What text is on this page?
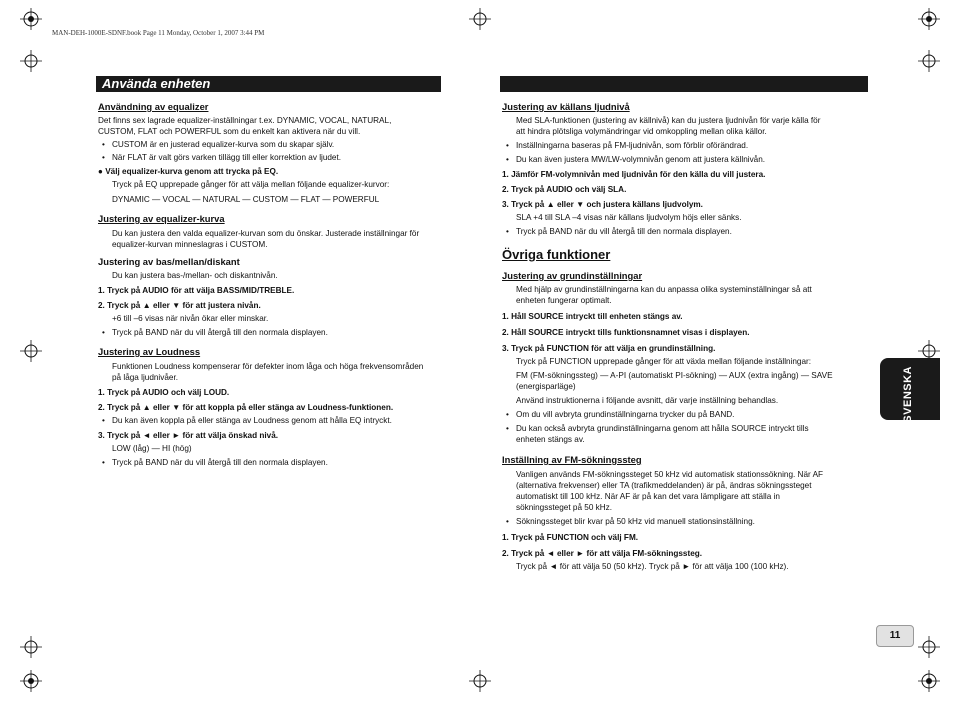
MAN-DEH-1000E-SDNF.book Page 11 Monday, October 1, 2007 3:44 PM
Använda enheten

Användning av equalizer

Det finns sex lagrade equalizer-inställningar t.ex. DYNAMIC, VOCAL, NATURAL,

CUSTOM, FLAT och POWERFUL som du enkelt kan aktivera när du vill.

• CUSTOM är en justerad equalizer-kurva som du skapar själv.

• När FLAT är valt görs varken tillägg till eller korrektion av ljudet.

● Välj equalizer-kurva genom att trycka på EQ.

Tryck på EQ upprepade gånger för att välja mellan följande equalizer-kurvor:

DYNAMIC — VOCAL — NATURAL — CUSTOM — FLAT — POWERFUL

Justering av equalizer-kurva

Du kan justera den valda equalizer-kurvan som du önskar. Justerade inställningar för

equalizer-kurvan minneslagras i CUSTOM.

Justering av bas/mellan/diskant

Du kan justera bas-/mellan- och diskantnivån.

1. Tryck på AUDIO för att välja BASS/MID/TREBLE.

2. Tryck på ▲ eller ▼ för att justera nivån.

+6 till –6 visas när nivån ökar eller minskar.

• Tryck på BAND när du vill återgå till den normala displayen.

Justering av Loudness

Funktionen Loudness kompenserar för defekter inom låga och höga frekvensområden

på låga ljudnivåer.

1. Tryck på AUDIO och välj LOUD.

2. Tryck på ▲ eller ▼ för att koppla på eller stänga av Loudness-funktionen.

• Du kan även koppla på eller stänga av Loudness genom att hålla EQ intryckt.

3. Tryck på ◄ eller ► för att välja önskad nivå.

LOW (låg) — HI (hög)

• Tryck på BAND när du vill återgå till den normala displayen.

Justering av källans ljudnivå

Med SLA-funktionen (justering av källnivå) kan du justera ljudnivån för varje källa för

att hindra plötsliga volymändringar vid omkoppling mellan olika källor.

• Inställningarna baseras på FM-ljudnivån, som förblir oförändrad.

• Du kan även justera MW/LW-volymnivån genom att justera källnivån.

1. Jämför FM-volymnivån med ljudnivån för den källa du vill justera.

2. Tryck på AUDIO och välj SLA.

3. Tryck på ▲ eller ▼ och justera källans ljudvolym.

SLA +4 till SLA –4 visas när källans ljudvolym höjs eller sänks.

• Tryck på BAND när du vill återgå till den normala displayen.

Övriga funktioner

Justering av grundinställningar

Med hjälp av grundinställningarna kan du anpassa olika systeminställningar så att

enheten fungerar optimalt.

1. Håll SOURCE intryckt till enheten stängs av.

2. Håll SOURCE intryckt tills funktionsnamnet visas i displayen.

3. Tryck på FUNCTION för att välja en grundinställning.

Tryck på FUNCTION upprepade gånger för att växla mellan följande inställningar:

FM (FM-sökningssteg) — A-PI (automatiskt PI-sökning) — AUX (extra ingång) — SAVE

(energisparläge)

Använd instruktionerna i följande avsnitt, där varje inställning behandlas.

• Om du vill avbryta grundinställningarna trycker du på BAND.

• Du kan också avbryta grundinställningarna genom att hålla SOURCE intryckt tills

enheten stängs av.

Inställning av FM-sökningssteg

Vanligen används FM-sökningssteget 50 kHz vid automatisk stationssökning. När AF

(alternativa frekvenser) eller TA (trafikmeddelanden) är på, ändras sökningssteget

automatiskt till 100 kHz. När AF är på kan det vara lämpligare att ställa in

sökningssteget på 50 kHz.

• Sökningssteget blir kvar på 50 kHz vid manuell stationsinställning.

1. Tryck på FUNCTION och välj FM.

2. Tryck på ◄ eller ► för att välja FM-sökningssteg.

Tryck på ◄ för att välja 50 (50 kHz). Tryck på ► för att välja 100 (100 kHz).

SVENSKA
11
